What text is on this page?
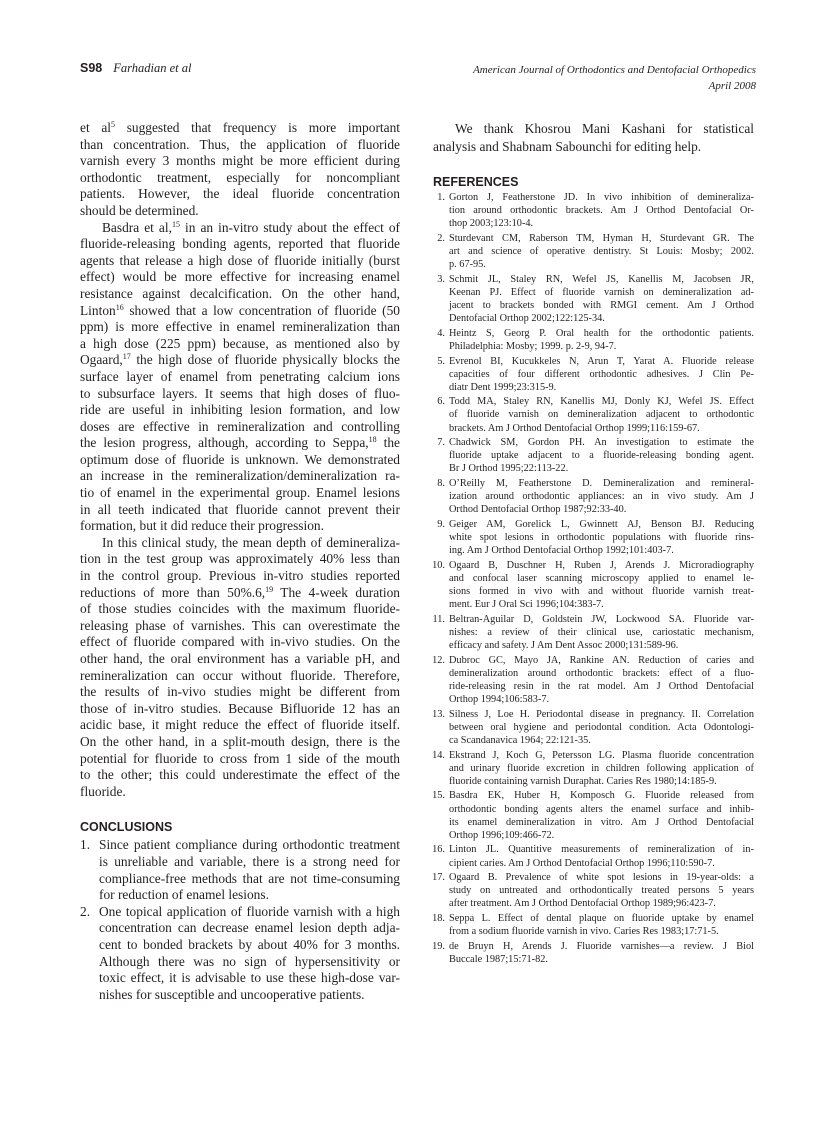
S98 Farhadian et al	American Journal of Orthodontics and Dentofacial Orthopedics
April 2008
et $al^5$ suggested that frequency is more important
than concentration. Thus, the application of fluoride
varnish every 3 months might be more efficient during
orthodontic treatment, especially for noncompliant
patients. However, the ideal fluoride concentration
should be determined.
Basdra et al,$^{15}$ in an in-vitro study about the effect of
fluoride-releasing bonding agents, reported that fluoride
agents that release a high dose of fluoride initially (burst
effect) would be more effective for increasing enamel
resistance against decalcification. On the other hand,
Linton$^{16}$ showed that a low concentration of fluoride (50
ppm) is more effective in enamel remineralization than
a high dose (225 ppm) because, as mentioned also by
Ogaard,$^{17}$ the high dose of fluoride physically blocks the
surface layer of enamel from penetrating calcium ions
to subsurface layers. It seems that high doses of fluo-
ride are useful in inhibiting lesion formation, and low
doses are effective in remineralization and controlling
the lesion progress, although, according to Seppa,$^{18}$ the
optimum dose of fluoride is unknown. We demonstrated
an increase in the remineralization/demineralization ra-
tio of enamel in the experimental group. Enamel lesions
in all teeth indicated that fluoride cannot prevent their
formation, but it did reduce their progression.
In this clinical study, the mean depth of demineraliza-
tion in the test group was approximately 40% less than
in the control group. Previous in-vitro studies reported
reductions of more than 50%.6,19 The 4-week duration
of those studies coincides with the maximum fluoride-
releasing phase of varnishes. This can overestimate the
effect of fluoride compared with in-vivo studies. On the
other hand, the oral environment has a variable pH, and
remineralization can occur without fluoride. Therefore,
the results of in-vivo studies might be different from
those of in-vitro studies. Because Bifluoride 12 has an
acidic base, it might reduce the effect of fluoride itself.
On the other hand, in a split-mouth design, there is the
potential for fluoride to cross from 1 side of the mouth
to the other; this could underestimate the effect of the
fluoride.
CONCLUSIONS
1. Since patient compliance during orthodontic treatment
is unreliable and variable, there is a strong need for
compliance-free methods that are not time-consuming
for reduction of enamel lesions.
2. One topical application of fluoride varnish with a high
concentration can decrease enamel lesion depth adja-
cent to bonded brackets by about 40% for 3 months.
Although there was no sign of hypersensitivity or
toxic effect, it is advisable to use these high-dose var-
nishes for susceptible and uncooperative patients.
We thank Khosrou Mani Kashani for statistical
analysis and Shabnam Sabounchi for editing help.
REFERENCES
1. Gorton J, Featherstone JD. In vivo inhibition of demineraliza-
tion around orthodontic brackets. Am J Orthod Dentofacial Or-
thop 2003;123:10-4.
2. Sturdevant CM, Raberson TM, Hyman H, Sturdevant GR. The
art and science of operative dentistry. St Louis: Mosby; 2002.
p. 67-95.
3. Schmit JL, Staley RN, Wefel JS, Kanellis M, Jacobsen JR,
Keenan PJ. Effect of fluoride varnish on demineralization ad-
jacent to brackets bonded with RMGI cement. Am J Orthod
Dentofacial Orthop 2002;122:125-34.
4. Heintz S, Georg P. Oral health for the orthodontic patients.
Philadelphia: Mosby; 1999. p. 2-9, 94-7.
5. Evrenol BI, Kucukkeles N, Arun T, Yarat A. Fluoride release
capacities of four different orthodontic adhesives. J Clin Pe-
diatr Dent 1999;23:315-9.
6. Todd MA, Staley RN, Kanellis MJ, Donly KJ, Wefel JS. Effect
of fluoride varnish on demineralization adjacent to orthodontic
brackets. Am J Orthod Dentofacial Orthop 1999;116:159-67.
7. Chadwick SM, Gordon PH. An investigation to estimate the
fluoride uptake adjacent to a fluoride-releasing bonding agent.
Br J Orthod 1995;22:113-22.
8. O’Reilly M, Featherstone D. Demineralization and remineral-
ization around orthodontic appliances: an in vivo study. Am J
Orthod Dentofacial Orthop 1987;92:33-40.
9. Geiger AM, Gorelick L, Gwinnett AJ, Benson BJ. Reducing
white spot lesions in orthodontic populations with fluoride rins-
ing. Am J Orthod Dentofacial Orthop 1992;101:403-7.
10. Ogaard B, Duschner H, Ruben J, Arends J. Microradiography
and confocal laser scanning microscopy applied to enamel le-
sions formed in vivo with and without fluoride varnish treat-
ment. Eur J Oral Sci 1996;104:383-7.
11. Beltran-Aguilar D, Goldstein JW, Lockwood SA. Fluoride var-
nishes: a review of their clinical use, cariostatic mechanism,
efficacy and safety. J Am Dent Assoc 2000;131:589-96.
12. Dubroc GC, Mayo JA, Rankine AN. Reduction of caries and
demineralization around orthodontic brackets: effect of a fluo-
ride-releasing resin in the rat model. Am J Orthod Dentofacial
Orthop 1994;106:583-7.
13. Silness J, Loe H. Periodontal disease in pregnancy. II. Correlation
between oral hygiene and periodontal condition. Acta Odontologi-
ca Scandanavica 1964; 22:121-35.
14. Ekstrand J, Koch G, Petersson LG. Plasma fluoride concentration
and urinary fluoride excretion in children following application of
fluoride containing varnish Duraphat. Caries Res 1980;14:185-9.
15. Basdra EK, Huber H, Komposch G. Fluoride released from
orthodontic bonding agents alters the enamel surface and inhib-
its enamel demineralization in vitro. Am J Orthod Dentofacial
Orthop 1996;109:466-72.
16. Linton JL. Quantitive measurements of remineralization of in-
cipient caries. Am J Orthod Dentofacial Orthop 1996;110:590-7.
17. Ogaard B. Prevalence of white spot lesions in 19-year-olds: a
study on untreated and orthodontically treated persons 5 years
after treatment. Am J Orthod Dentofacial Orthop 1989;96:423-7.
18. Seppa L. Effect of dental plaque on fluoride uptake by enamel
from a sodium fluoride varnish in vivo. Caries Res 1983;17:71-5.
19. de Bruyn H, Arends J. Fluoride varnishes—a review. J Biol
Buccale 1987;15:71-82.
